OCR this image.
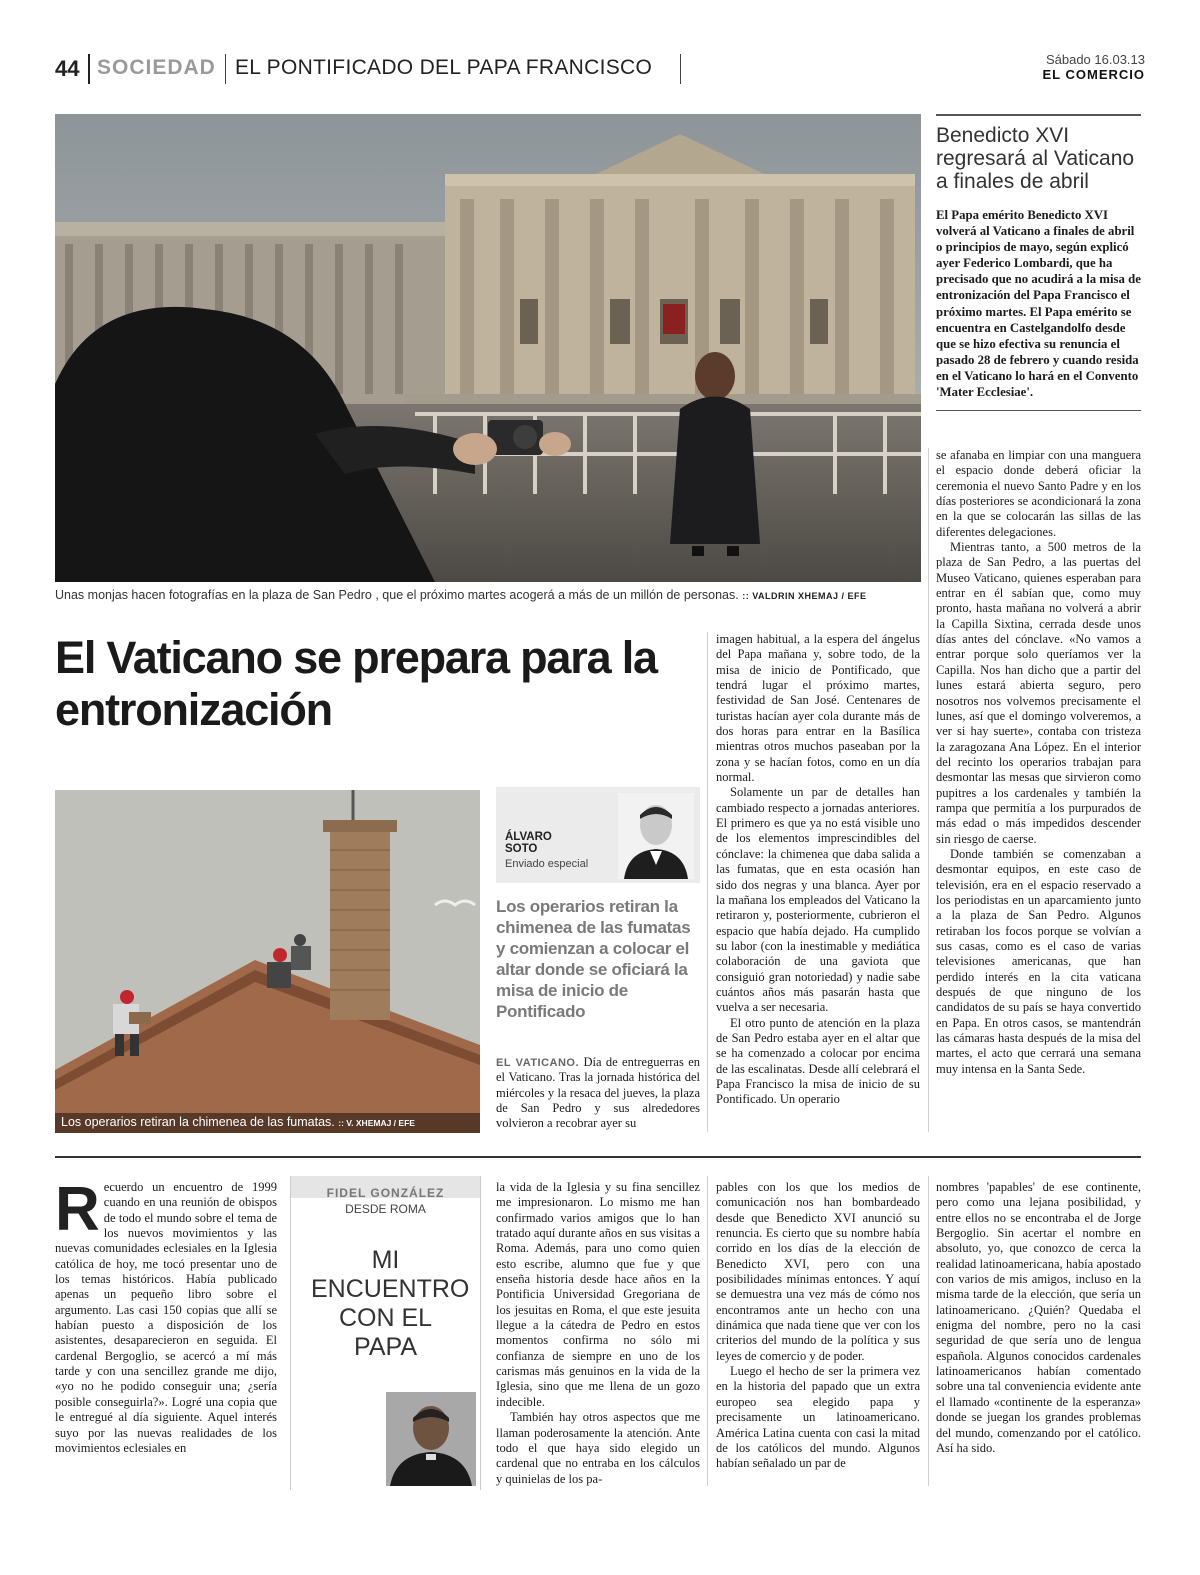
44 SOCIEDAD EL PONTIFICADO DEL PAPA FRANCISCO	Sábado 16.03.13
EL COMERCIO
Unas monjas hacen fotografías en la plaza de San Pedro , que el próximo martes acogerá a más de un millón de personas. :: VALDRIN XHEMAJ / EFE
Benedicto XVI regresará al Vaticano a finales de abril
El Papa emérito Benedicto XVI volverá al Vaticano a finales de abril o principios de mayo, según explicó ayer Federico Lombardi, que ha precisado que no acudirá a la misa de entronización del Papa Francisco el próximo martes. El Papa emérito se encuentra en Castelgandolfo desde que se hizo efectiva su renuncia el pasado 28 de febrero y cuando resida en el Vaticano lo hará en el Convento 'Mater Ecclesiae'.
El Vaticano se prepara para la entronización
Los operarios retiran la chimenea de las fumatas. :: V. XHEMAJ / EFE
ÁLVARO SOTO
Enviado especial
Los operarios retiran la chimenea de las fumatas y comienzan a colocar el altar donde se oficiará la misa de inicio de Pontificado

EL VATICANO. Día de entreguerras en el Vaticano. Tras la jornada histórica del miércoles y la resaca del jueves, la plaza de San Pedro y sus alrededores volvieron a recobrar ayer su

imagen habitual, a la espera del ángelus del Papa mañana y, sobre todo, de la misa de inicio de Pontificado, que tendrá lugar el próximo martes, festividad de San José. Centenares de turistas hacían ayer cola durante más de dos horas para entrar en la Basílica mientras otros muchos paseaban por la zona y se hacían fotos, como en un día normal.

Solamente un par de detalles han cambiado respecto a jornadas anteriores. El primero es que ya no está visible uno de los elementos imprescindibles del cónclave: la chimenea que daba salida a las fumatas, que en esta ocasión han sido dos negras y una blanca. Ayer por la mañana los empleados del Vaticano la retiraron y, posteriormente, cubrieron el espacio que había dejado. Ha cumplido su labor (con la inestimable y mediática colaboración de una gaviota que consiguió gran notoriedad) y nadie sabe cuántos años más pasarán hasta que vuelva a ser necesaria.

El otro punto de atención en la plaza de San Pedro estaba ayer en el altar que se ha comenzado a colocar por encima de las escalinatas. Desde allí celebrará el Papa Francisco la misa de inicio de su Pontificado. Un operario

se afanaba en limpiar con una manguera el espacio donde deberá oficiar la ceremonia el nuevo Santo Padre y en los días posteriores se acondicionará la zona en la que se colocarán las sillas de las diferentes delegaciones.

Mientras tanto, a 500 metros de la plaza de San Pedro, a las puertas del Museo Vaticano, quienes esperaban para entrar en él sabían que, como muy pronto, hasta mañana no volverá a abrir la Capilla Sixtina, cerrada desde unos días antes del cónclave. «No vamos a entrar porque solo queríamos ver la Capilla. Nos han dicho que a partir del lunes estará abierta seguro, pero nosotros nos volvemos precisamente el lunes, así que el domingo volveremos, a ver si hay suerte», contaba con tristeza la zaragozana Ana López. En el interior del recinto los operarios trabajan para desmontar las mesas que sirvieron como pupitres a los cardenales y también la rampa que permitía a los purpurados de más edad o más impedidos descender sin riesgo de caerse.

Donde también se comenzaban a desmontar equipos, en este caso de televisión, era en el espacio reservado a los periodistas en un aparcamiento junto a la plaza de San Pedro. Algunos retiraban los focos porque se volvían a sus casas, como es el caso de varias televisiones americanas, que han perdido interés en la cita vaticana después de que ninguno de los candidatos de su país se haya convertido en Papa. En otros casos, se mantendrán las cámaras hasta después de la misa del martes, el acto que cerrará una semana muy intensa en la Santa Sede.

Recuerdo un encuentro de 1999 cuando en una reunión de obispos de todo el mundo sobre el tema de los nuevos movimientos y las nuevas comunidades eclesiales en la Iglesia católica de hoy, me tocó presentar uno de los temas históricos. Había publicado apenas un pequeño libro sobre el argumento. Las casi 150 copias que allí se habían puesto a disposición de los asistentes, desaparecieron en seguida. El cardenal Bergoglio, se acercó a mí más tarde y con una sencillez grande me dijo, «yo no he podido conseguir una; ¿sería posible conseguirla?». Logré una copia que le entregué al día siguiente. Aquel interés suyo por las nuevas realidades de los movimientos eclesiales en
FIDEL GONZÁLEZ
DESDE ROMA
MI ENCUENTRO CON EL PAPA

la vida de la Iglesia y su fina sencillez me impresionaron. Lo mismo me han confirmado varios amigos que lo han tratado aquí durante años en sus visitas a Roma. Además, para uno como quien esto escribe, alumno que fue y que enseña historia desde hace años en la Pontificia Universidad Gregoriana de los jesuitas en Roma, el que este jesuita llegue a la cátedra de Pedro en estos momentos confirma no sólo mi confianza de siempre en uno de los carismas más genuinos en la vida de la Iglesia, sino que me llena de un gozo indecible.

También hay otros aspectos que me llaman poderosamente la atención. Ante todo el que haya sido elegido un cardenal que no entraba en los cálculos y quinielas de los pa-

pables con los que los medios de comunicación nos han bombardeado desde que Benedicto XVI anunció su renuncia. Es cierto que su nombre había corrido en los días de la elección de Benedicto XVI, pero con una posibilidades mínimas entonces. Y aquí se demuestra una vez más de cómo nos encontramos ante un hecho con una dinámica que nada tiene que ver con los criterios del mundo de la política y sus leyes de comercio y de poder.

Luego el hecho de ser la primera vez en la historia del papado que un extra europeo sea elegido papa y precisamente un latinoamericano. América Latina cuenta con casi la mitad de los católicos del mundo. Algunos habían señalado un par de

nombres 'papables' de ese continente, pero como una lejana posibilidad, y entre ellos no se encontraba el de Jorge Bergoglio. Sin acertar el nombre en absoluto, yo, que conozco de cerca la realidad latinoamericana, había apostado con varios de mis amigos, incluso en la misma tarde de la elección, que sería un latinoamericano. ¿Quién? Quedaba el enigma del nombre, pero no la casi seguridad de que sería uno de lengua española. Algunos conocidos cardenales latinoamericanos habían comentado sobre una tal conveniencia evidente ante el llamado «continente de la esperanza» donde se juegan los grandes problemas del mundo, comenzando por el católico. Así ha sido.
